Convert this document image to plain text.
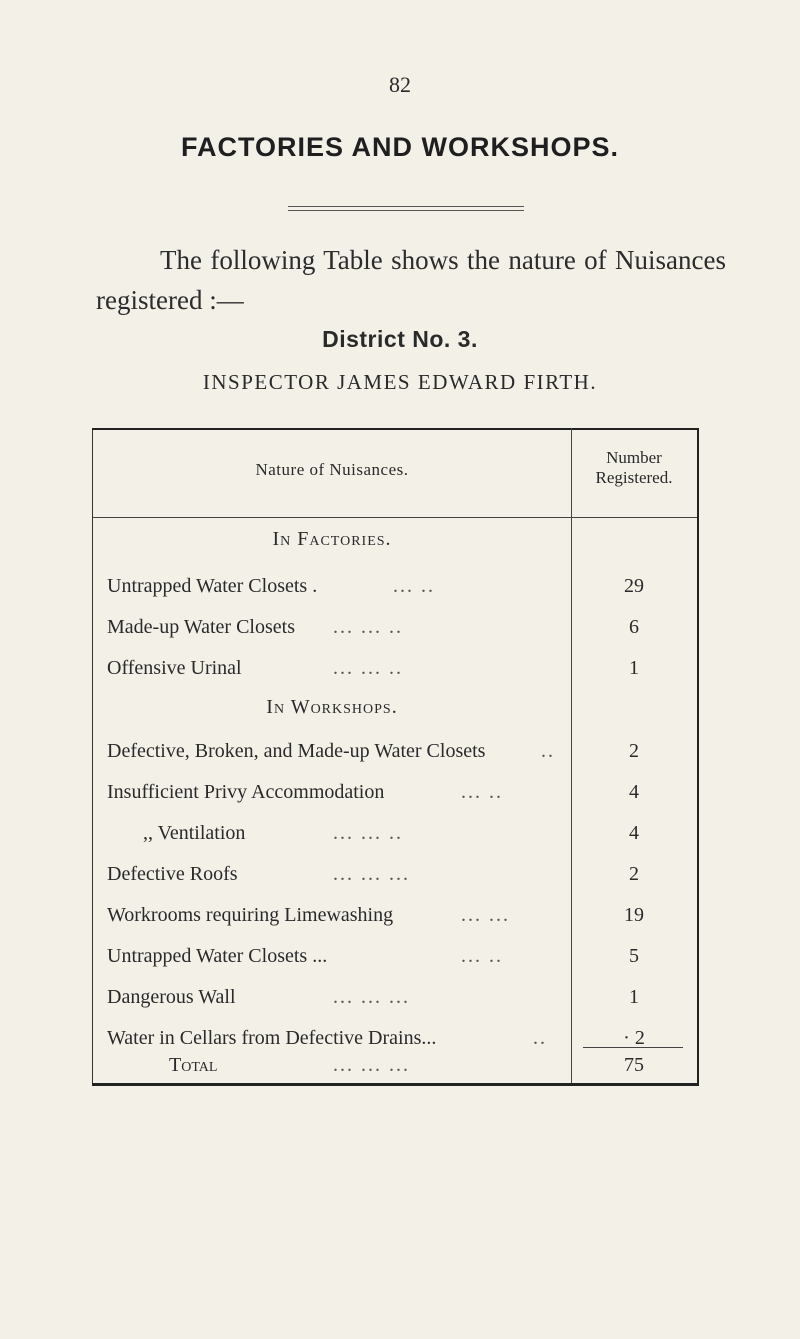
82
FACTORIES AND WORKSHOPS.
The following Table shows the nature of Nuisances
registered :—
District No. 3.
INSPECTOR JAMES EDWARD FIRTH.
Nature of Nuisances.
Number
Registered.
In Factories.
Untrapped Water Closets .	... ..	29
Made-up Water Closets ... ... ..	6
Offensive Urinal	... ... ..	1
In Workshops.
Defective, Broken, and Made-up Water Closets	..	2
Insufficient Privy Accommodation	... ..	4
,, Ventilation	... ... ..	4
Defective Roofs	... ... ...	2
Workrooms requiring Limewashing	... ...	19
Untrapped Water Closets ...	... ..	5
Dangerous Wall	... ... ...	1
Water in Cellars from Defective Drains...	..	· 2
Total	... ... ...	75
